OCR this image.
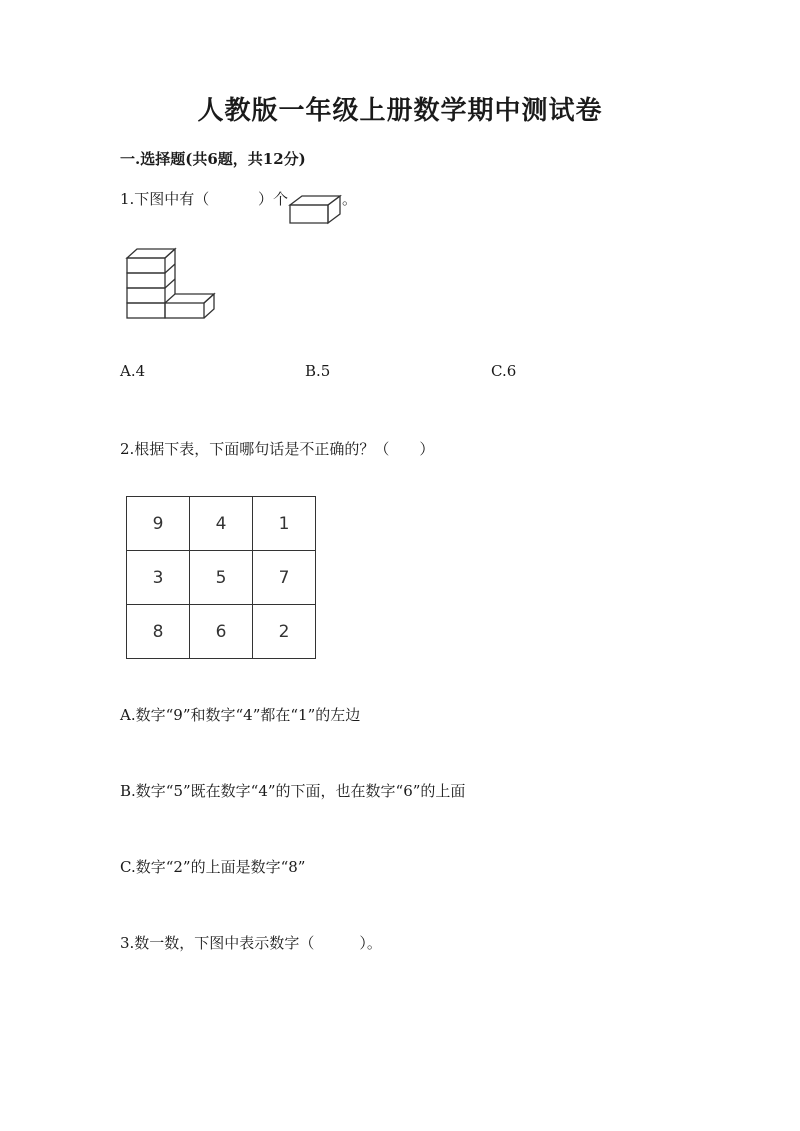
人教版一年级上册数学期中测试卷
一.选择题(共6题，共12分)
1.下图中有（	）个	。
A.4	B.5	C.6
2.根据下表，下面哪句话是不正确的？（　　）
9	4	1
3	5	7
8	6	2
A.数字“9”和数字“4”都在“1”的左边
B.数字“5”既在数字“4”的下面，也在数字“6”的上面
C.数字“2”的上面是数字“8”
3.数一数，下图中表示数字（　　　）。
